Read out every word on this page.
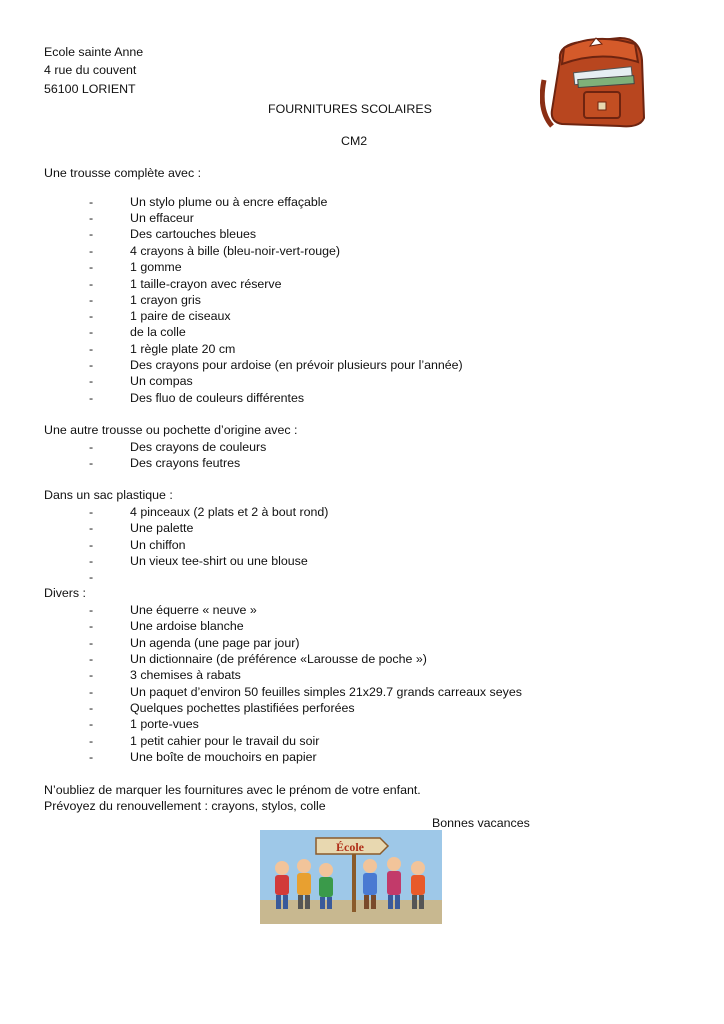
Ecole sainte Anne
4 rue du couvent
56100 LORIENT
FOURNITURES SCOLAIRES
CM2
Une trousse complète avec :
-	Un stylo plume ou à encre effaçable
-	Un effaceur
-	Des cartouches bleues
-	4 crayons à bille (bleu-noir-vert-rouge)
-	1 gomme
-	1 taille-crayon avec réserve
-	1 crayon gris
-	1 paire de ciseaux
-	de la colle
-	1 règle plate 20 cm
-	Des crayons pour ardoise (en prévoir plusieurs pour l’année)
-	Un compas
-	Des fluo de couleurs différentes
Une autre trousse ou pochette d’origine avec :
-	Des crayons de couleurs
-	Des crayons feutres
Dans un sac plastique :
-	4 pinceaux (2 plats et 2 à bout rond)
-	Une palette
-	Un chiffon
-	Un vieux tee-shirt ou une blouse
-
Divers :
-	Une équerre « neuve »
-	Une ardoise blanche
-	Un agenda (une page par jour)
-	Un dictionnaire (de préférence «Larousse de poche »)
-	3 chemises à rabats
-	Un paquet d’environ 50 feuilles simples 21x29.7 grands carreaux seyes
-	Quelques pochettes plastifiées perforées
-	1 porte-vues
-	1 petit cahier pour le travail du soir
-	Une boîte de mouchoirs en papier
N’oubliez de marquer les fournitures avec le prénom de votre enfant.
Prévoyez du renouvellement : crayons, stylos, colle
Bonnes vacances
École
